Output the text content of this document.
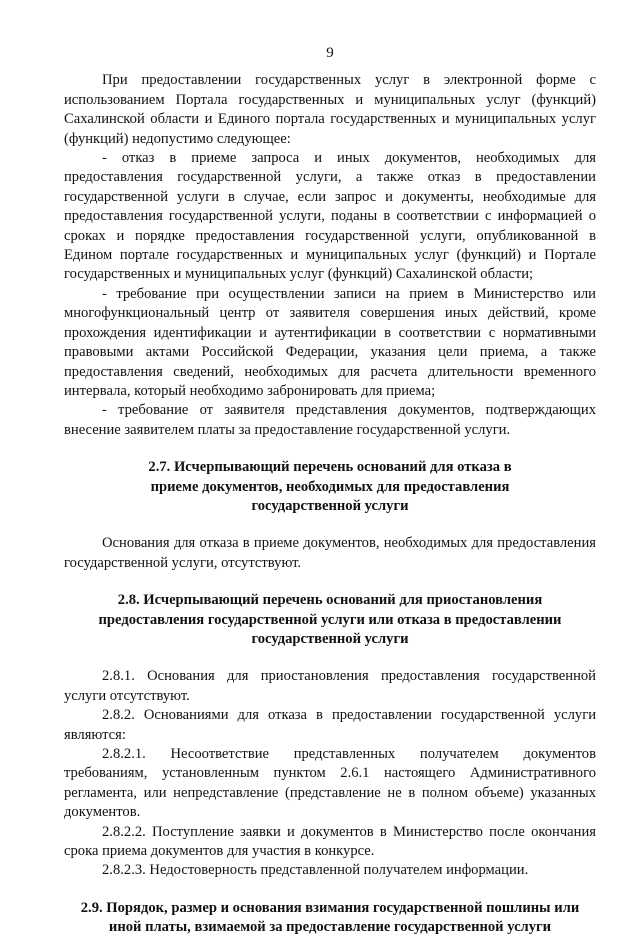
9

При предоставлении государственных услуг в электронной форме с использованием Портала государственных и муниципальных услуг (функций) Сахалинской области и Единого портала государственных и муниципальных услуг (функций) недопустимо следующее:

- отказ в приеме запроса и иных документов, необходимых для предоставления государственной услуги, а также отказ в предоставлении государственной услуги в случае, если запрос и документы, необходимые для предоставления государственной услуги, поданы в соответствии с информацией о сроках и порядке предоставления государственной услуги, опубликованной в Едином портале государственных и муниципальных услуг (функций) и Портале государственных и муниципальных услуг (функций) Сахалинской области;

- требование при осуществлении записи на прием в Министерство или многофункциональный центр от заявителя совершения иных действий, кроме прохождения идентификации и аутентификации в соответствии с нормативными правовыми актами Российской Федерации, указания цели приема, а также предоставления сведений, необходимых для расчета длительности временного интервала, который необходимо забронировать для приема;

- требование от заявителя представления документов, подтверждающих внесение заявителем платы за предоставление государственной услуги.

2.7. Исчерпывающий перечень оснований для отказа в приеме документов, необходимых для предоставления государственной услуги

Основания для отказа в приеме документов, необходимых для предоставления государственной услуги, отсутствуют.

2.8. Исчерпывающий перечень оснований для приостановления предоставления государственной услуги или отказа в предоставлении государственной услуги

2.8.1. Основания для приостановления предоставления государственной услуги отсутствуют.

2.8.2. Основаниями для отказа в предоставлении государственной услуги являются:

2.8.2.1. Несоответствие представленных получателем документов требованиям, установленным пунктом 2.6.1 настоящего Административного регламента, или непредставление (представление не в полном объеме) указанных документов.

2.8.2.2. Поступление заявки и документов в Министерство после окончания срока приема документов для участия в конкурсе.

2.8.2.3. Недостоверность представленной получателем информации.

2.9. Порядок, размер и основания взимания государственной пошлины или иной платы, взимаемой за предоставление государственной услуги
